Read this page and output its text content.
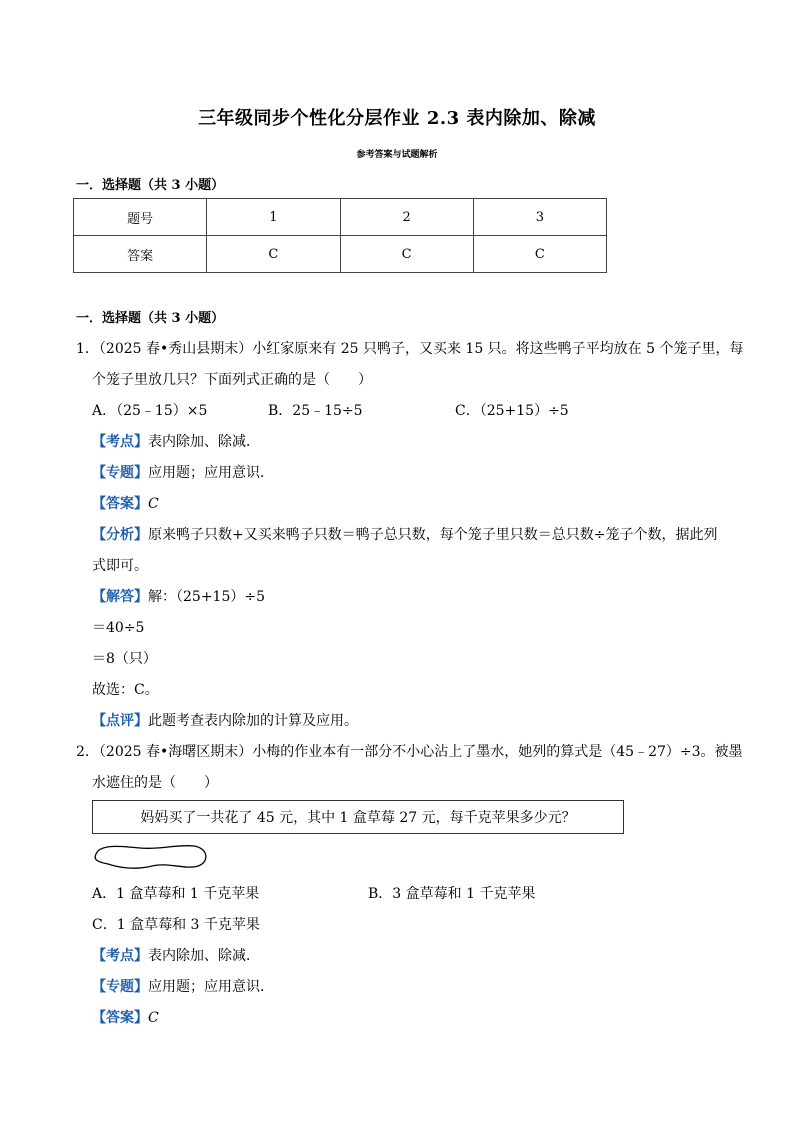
三年级同步个性化分层作业 2.3 表内除加、除减
参考答案与试题解析
一．选择题（共 3 小题）
题号	1	2	3
答案	C	C	C
一．选择题（共 3 小题）
1．（2025 春•秀山县期末）小红家原来有 25 只鸭子，又买来 15 只。将这些鸭子平均放在 5 个笼子里，每
个笼子里放几只？下面列式正确的是（　　）
A．（25﹣15）×5	B．25﹣15÷5	C．（25+15）÷5
【考点】表内除加、除减．
【专题】应用题；应用意识．
【答案】C
【分析】原来鸭子只数+又买来鸭子只数＝鸭子总只数，每个笼子里只数＝总只数÷笼子个数，据此列
式即可。
【解答】解：（25+15）÷5
＝40÷5
＝8（只）
故选：C。
【点评】此题考查表内除加的计算及应用。
2．（2025 春•海曙区期末）小梅的作业本有一部分不小心沾上了墨水，她列的算式是（45﹣27）÷3。被墨
水遮住的是（　　）
妈妈买了一共花了 45 元，其中 1 盒草莓 27 元，每千克苹果多少元？
A．1 盒草莓和 1 千克苹果	B．3 盒草莓和 1 千克苹果
C．1 盒草莓和 3 千克苹果
【考点】表内除加、除减．
【专题】应用题；应用意识．
【答案】C
